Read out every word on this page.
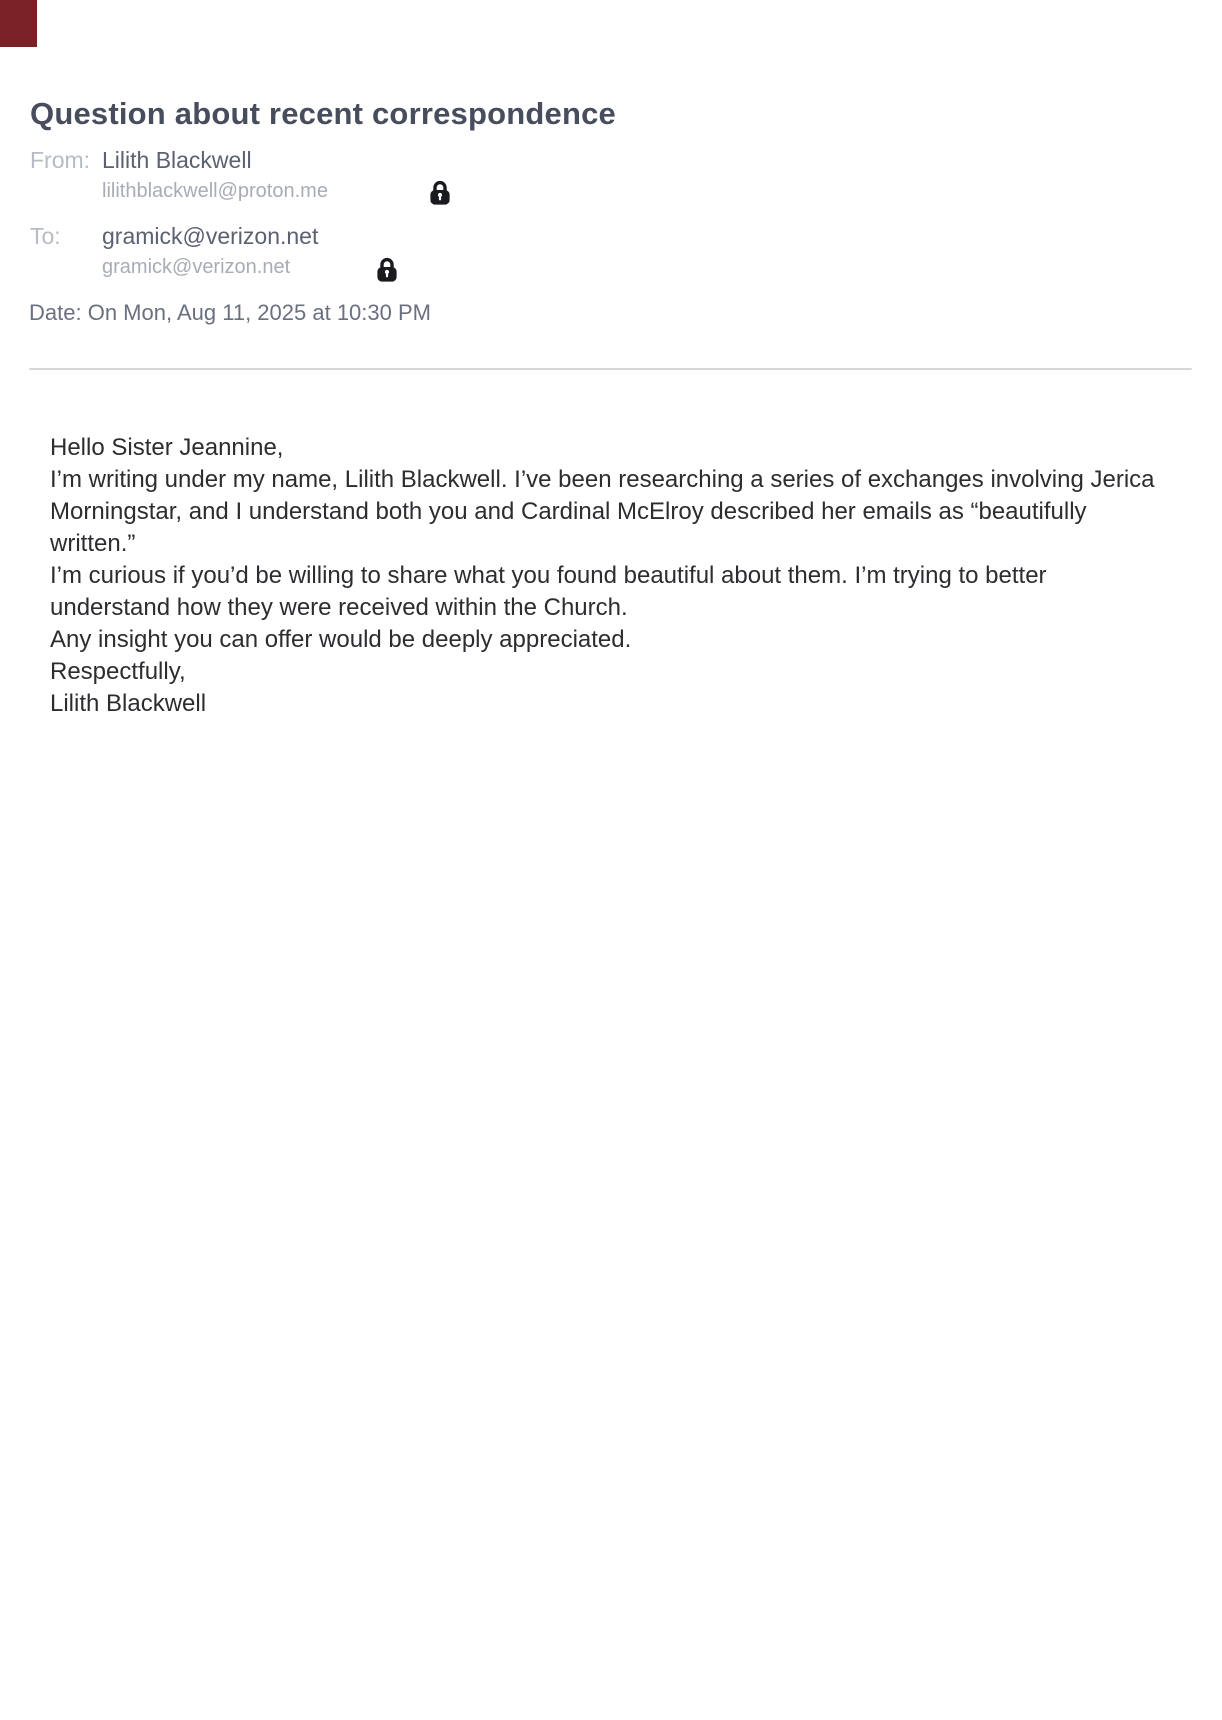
Question about recent correspondence
From: Lilith Blackwell
lilithblackwell@proton.me
To: gramick@verizon.net
gramick@verizon.net
Date: On Mon, Aug 11, 2025 at 10:30 PM

Hello Sister Jeannine,

I’m writing under my name, Lilith Blackwell. I’ve been researching a series of exchanges involving Jerica Morningstar, and I understand both you and Cardinal McElroy described her emails as “beautifully written.”

I’m curious if you’d be willing to share what you found beautiful about them. I’m trying to better understand how they were received within the Church.

Any insight you can offer would be deeply appreciated.

Respectfully,

Lilith Blackwell
